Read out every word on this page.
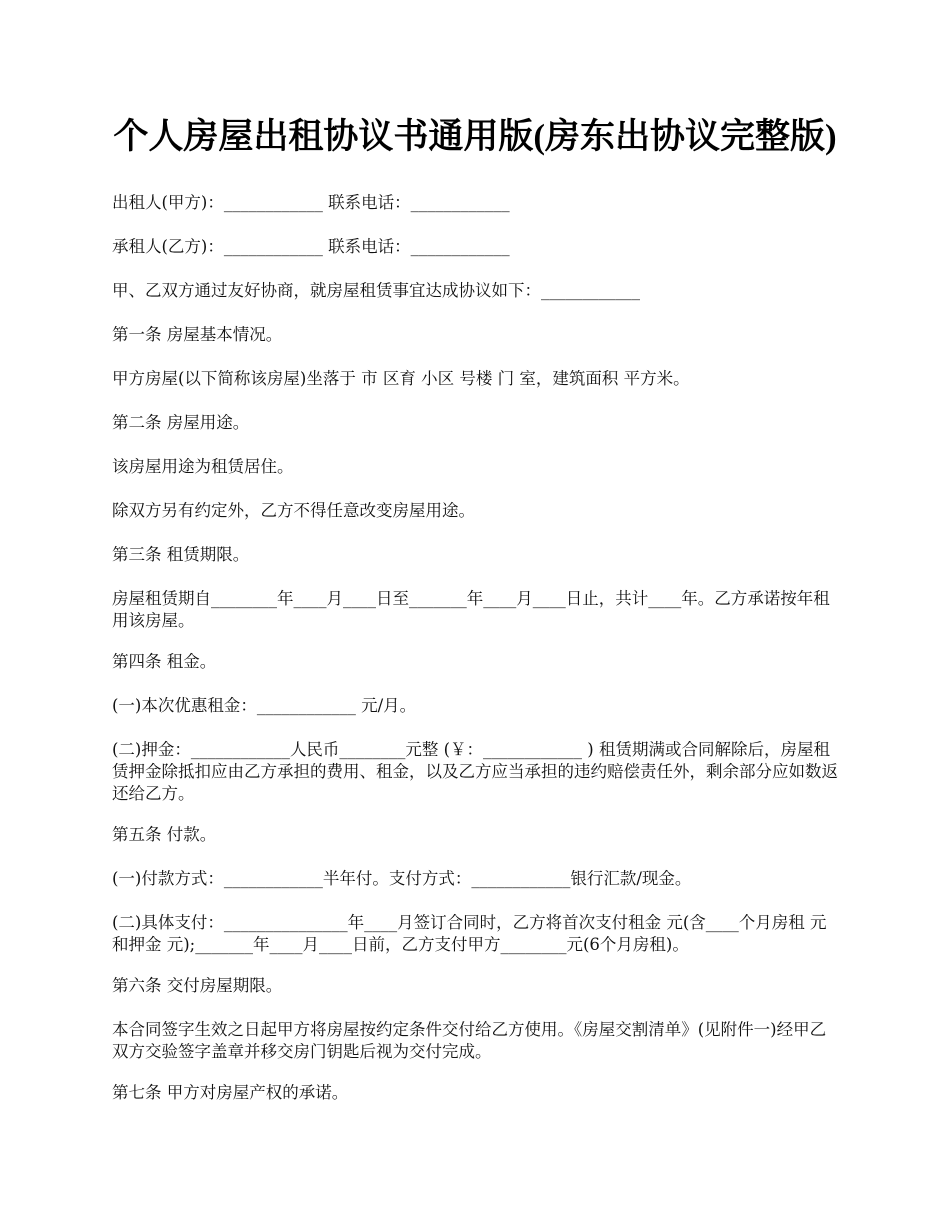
个人房屋出租协议书通用版(房东出协议完整版)

出租人(甲方)：____________ 联系电话：____________

承租人(乙方)：____________ 联系电话：____________

甲、乙双方通过友好协商，就房屋租赁事宜达成协议如下：____________

第一条 房屋基本情况。

甲方房屋(以下简称该房屋)坐落于 市 区育 小区 号楼 门 室，建筑面积 平方米。

第二条 房屋用途。

该房屋用途为租赁居住。

除双方另有约定外，乙方不得任意改变房屋用途。

第三条 租赁期限。

房屋租赁期自________年____月____日至_______年____月____日止，共计____年。乙方承诺按年租用该房屋。

第四条 租金。

(一)本次优惠租金：____________ 元/月。

(二)押金：____________人民币________元整 (￥：____________ ) 租赁期满或合同解除后，房屋租赁押金除抵扣应由乙方承担的费用、租金，以及乙方应当承担的违约赔偿责任外，剩余部分应如数返还给乙方。

第五条 付款。

(一)付款方式：____________半年付。支付方式：____________银行汇款/现金。

(二)具体支付：_______________年____月签订合同时，乙方将首次支付租金 元(含____个月房租 元和押金 元);_______年____月____日前，乙方支付甲方________元(6个月房租)。

第六条 交付房屋期限。

本合同签字生效之日起甲方将房屋按约定条件交付给乙方使用。《房屋交割清单》(见附件一)经甲乙双方交验签字盖章并移交房门钥匙后视为交付完成。

第七条 甲方对房屋产权的承诺。
